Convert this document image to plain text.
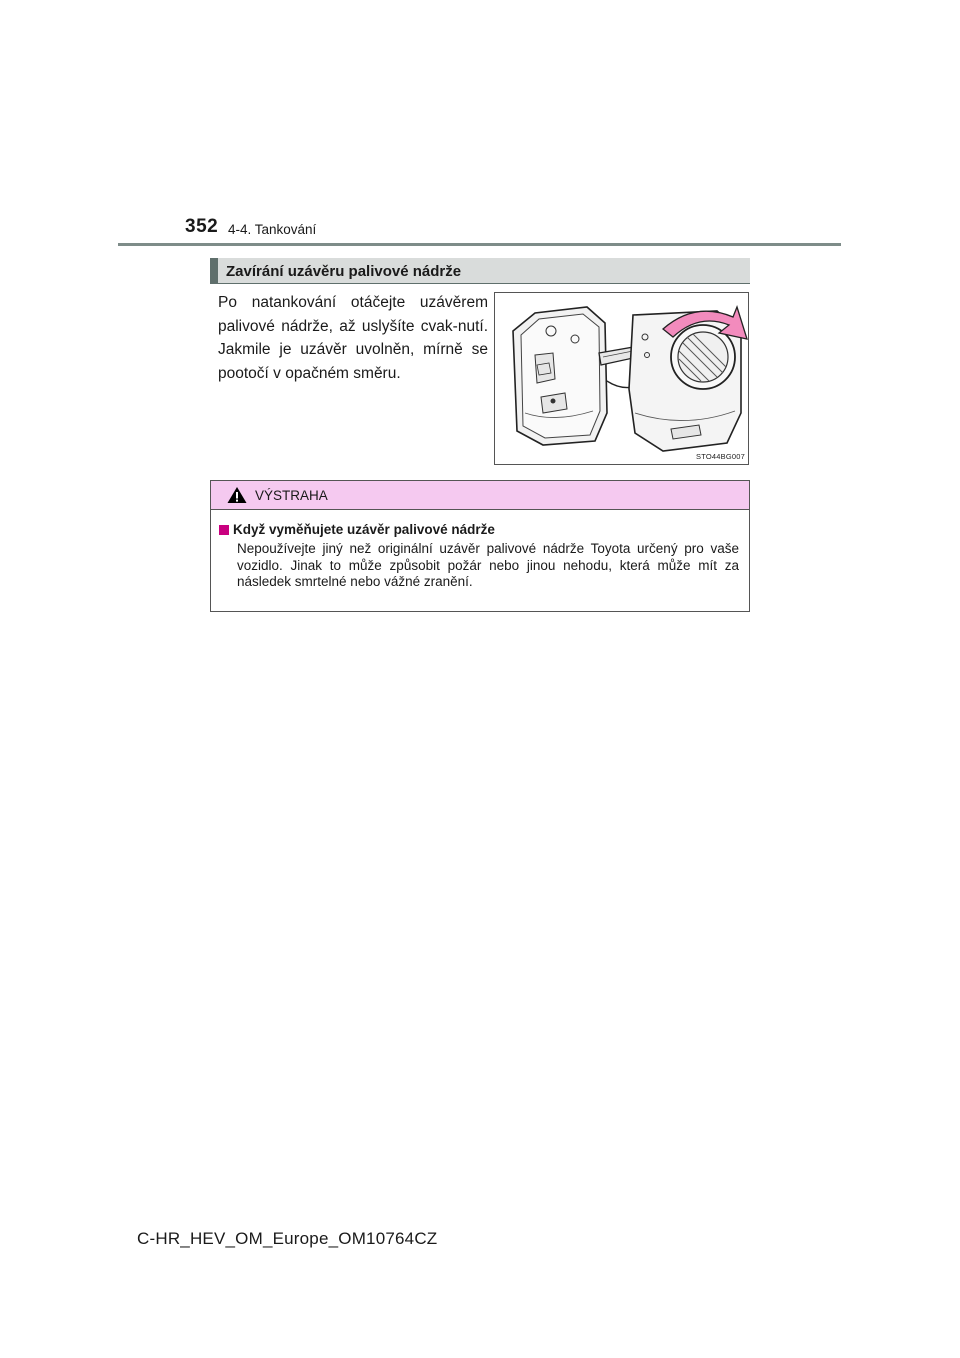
352 4-4. Tankování
Zavírání uzávěru palivové nádrže
Po natankování otáčejte uzávěrem palivové nádrže, až uslyšíte cvak-nutí. Jakmile je uzávěr uvolněn, mírně se pootočí v opačném směru.
STO44BG007
VÝSTRAHA
Když vyměňujete uzávěr palivové nádrže
Nepoužívejte jiný než originální uzávěr palivové nádrže Toyota určený pro vaše vozidlo. Jinak to může způsobit požár nebo jinou nehodu, která může mít za následek smrtelné nebo vážné zranění.
C-HR_HEV_OM_Europe_OM10764CZ
